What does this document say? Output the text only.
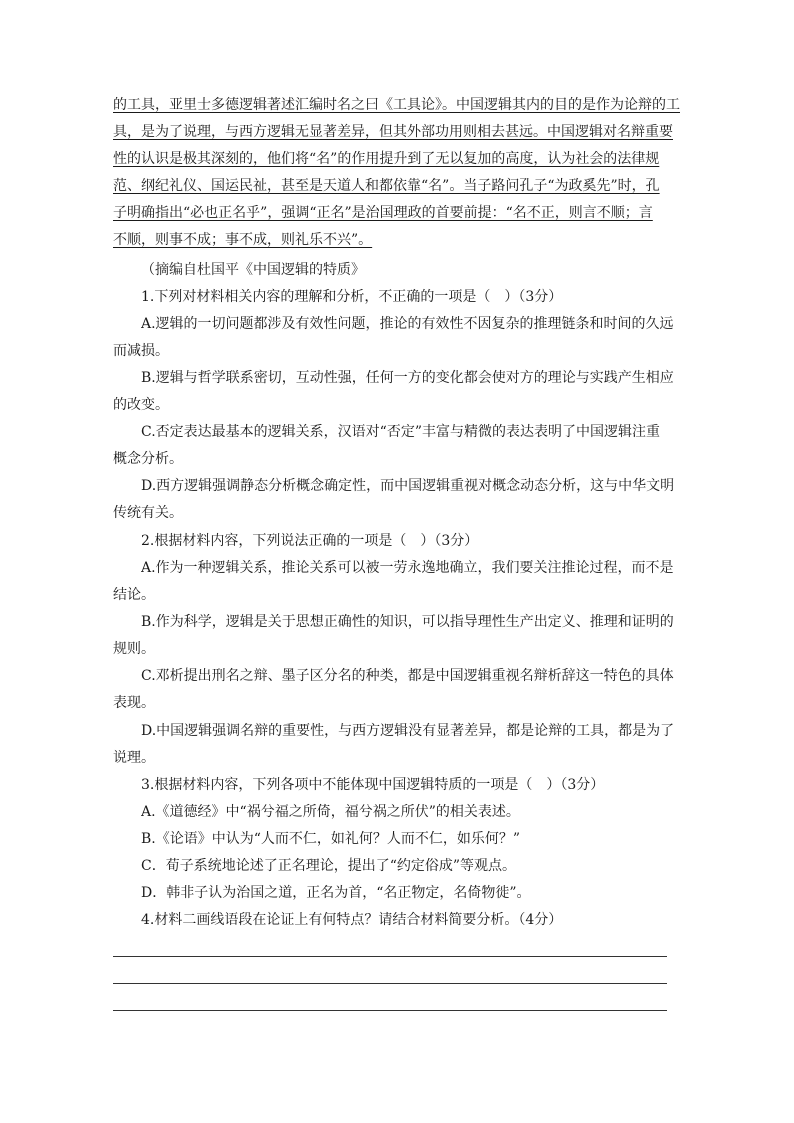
的工具，亚里士多德逻辑著述汇编时名之曰《工具论》。中国逻辑其内的目的是作为论辩的工
具，是为了说理，与西方逻辑无显著差异，但其外部功用则相去甚远。中国逻辑对名辩重要
性的认识是极其深刻的，他们将“名”的作用提升到了无以复加的高度，认为社会的法律规
范、纲纪礼仪、国运民祉，甚至是天道人和都依靠“名”。当子路问孔子“为政奚先”时，孔
子明确指出“必也正名乎”，强调“正名”是治国理政的首要前提：“名不正，则言不顺；言
不顺，则事不成；事不成，则礼乐不兴”。
（摘编自杜国平《中国逻辑的特质》
1.下列对材料相关内容的理解和分析，不正确的一项是（　）（3分）
A.逻辑的一切问题都涉及有效性问题，推论的有效性不因复杂的推理链条和时间的久远
而减损。
B.逻辑与哲学联系密切，互动性强，任何一方的变化都会使对方的理论与实践产生相应
的改变。
C.否定表达最基本的逻辑关系，汉语对“否定”丰富与精微的表达表明了中国逻辑注重
概念分析。
D.西方逻辑强调静态分析概念确定性，而中国逻辑重视对概念动态分析，这与中华文明
传统有关。
2.根据材料内容，下列说法正确的一项是（　）（3分）
A.作为一种逻辑关系，推论关系可以被一劳永逸地确立，我们要关注推论过程，而不是
结论。
B.作为科学，逻辑是关于思想正确性的知识，可以指导理性生产出定义、推理和证明的
规则。
C.邓析提出刑名之辩、墨子区分名的种类，都是中国逻辑重视名辩析辞这一特色的具体
表现。
D.中国逻辑强调名辩的重要性，与西方逻辑没有显著差异，都是论辩的工具，都是为了
说理。
3.根据材料内容，下列各项中不能体现中国逻辑特质的一项是（　）（3分）
A.《道德经》中“祸兮福之所倚，福兮祸之所伏”的相关表述。
B.《论语》中认为“人而不仁，如礼何？人而不仁，如乐何？”
C．荀子系统地论述了正名理论，提出了“约定俗成”等观点。
D．韩非子认为治国之道，正名为首，“名正物定，名倚物徙”。
4.材料二画线语段在论证上有何特点？请结合材料简要分析。（4分）
